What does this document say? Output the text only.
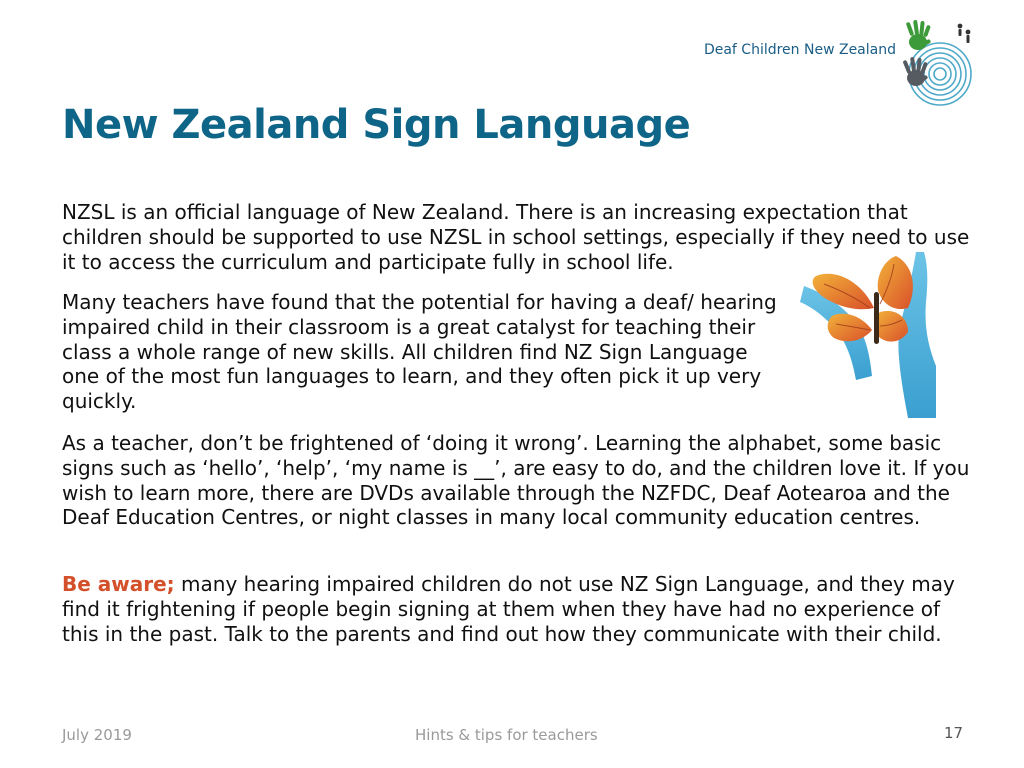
Deaf Children New Zealand
New Zealand Sign Language

NZSL is an official language of New Zealand. There is an increasing expectation that children should be supported to use NZSL in school settings, especially if they need to use it to access the curriculum and participate fully in school life.

Many teachers have found that the potential for having a deaf/ hearing impaired child in their classroom is a great catalyst for teaching their class a whole range of new skills. All children find NZ Sign Language one of the most fun languages to learn, and they often pick it up very quickly.

As a teacher, don’t be frightened of ‘doing it wrong’. Learning the alphabet, some basic signs such as ‘hello’, ‘help’, ‘my name is __’, are easy to do, and the children love it. If you wish to learn more, there are DVDs available through the NZFDC, Deaf Aotearoa and the Deaf Education Centres, or night classes in many local community education centres.

Be aware; many hearing impaired children do not use NZ Sign Language, and they may find it frightening if people begin signing at them when they have had no experience of this in the past. Talk to the parents and find out how they communicate with their child.

July 2019	Hints & tips for teachers	17
